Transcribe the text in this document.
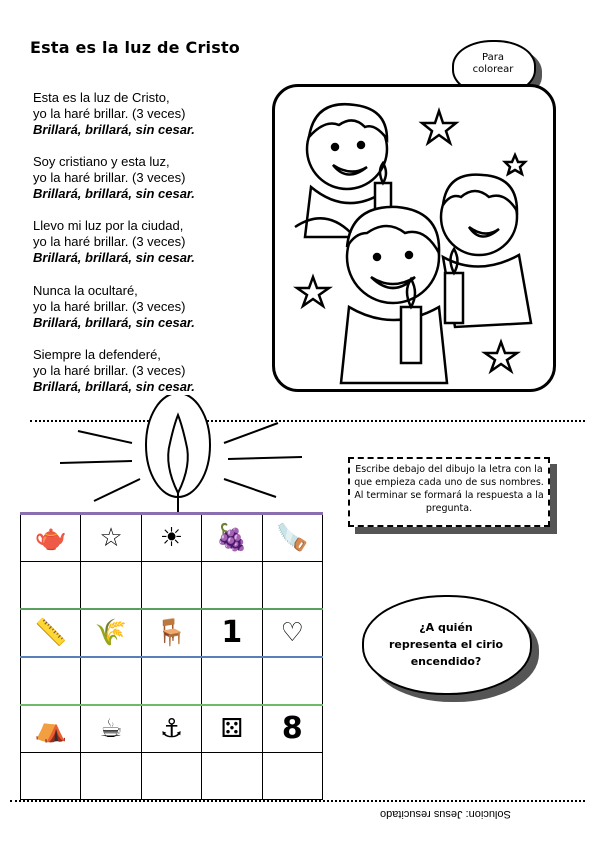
Esta es la luz de Cristo
Esta es la luz de Cristo,
yo la haré brillar. (3 veces)
Brillará, brillará, sin cesar.
Soy cristiano y esta luz,
yo la haré brillar. (3 veces)
Brillará, brillará, sin cesar.
Llevo mi luz por la ciudad,
yo la haré brillar. (3 veces)
Brillará, brillará, sin cesar.
Nunca la ocultaré,
yo la haré brillar. (3 veces)
Brillará, brillará, sin cesar.
Siempre la defenderé,
yo la haré brillar. (3 veces)
Brillará, brillará, sin cesar.
Para
colorear
Escribe debajo del dibujo la letra con la que empieza cada uno de sus nombres. Al terminar se formará la respuesta a la pregunta.
🫖	☆	☀	🍇	🪚

📏	🌾	🪑	1	♡

⛺	☕	⚓	⚄	8

¿A quién
representa el cirio
encendido?
Solucion: Jesus resucitado
